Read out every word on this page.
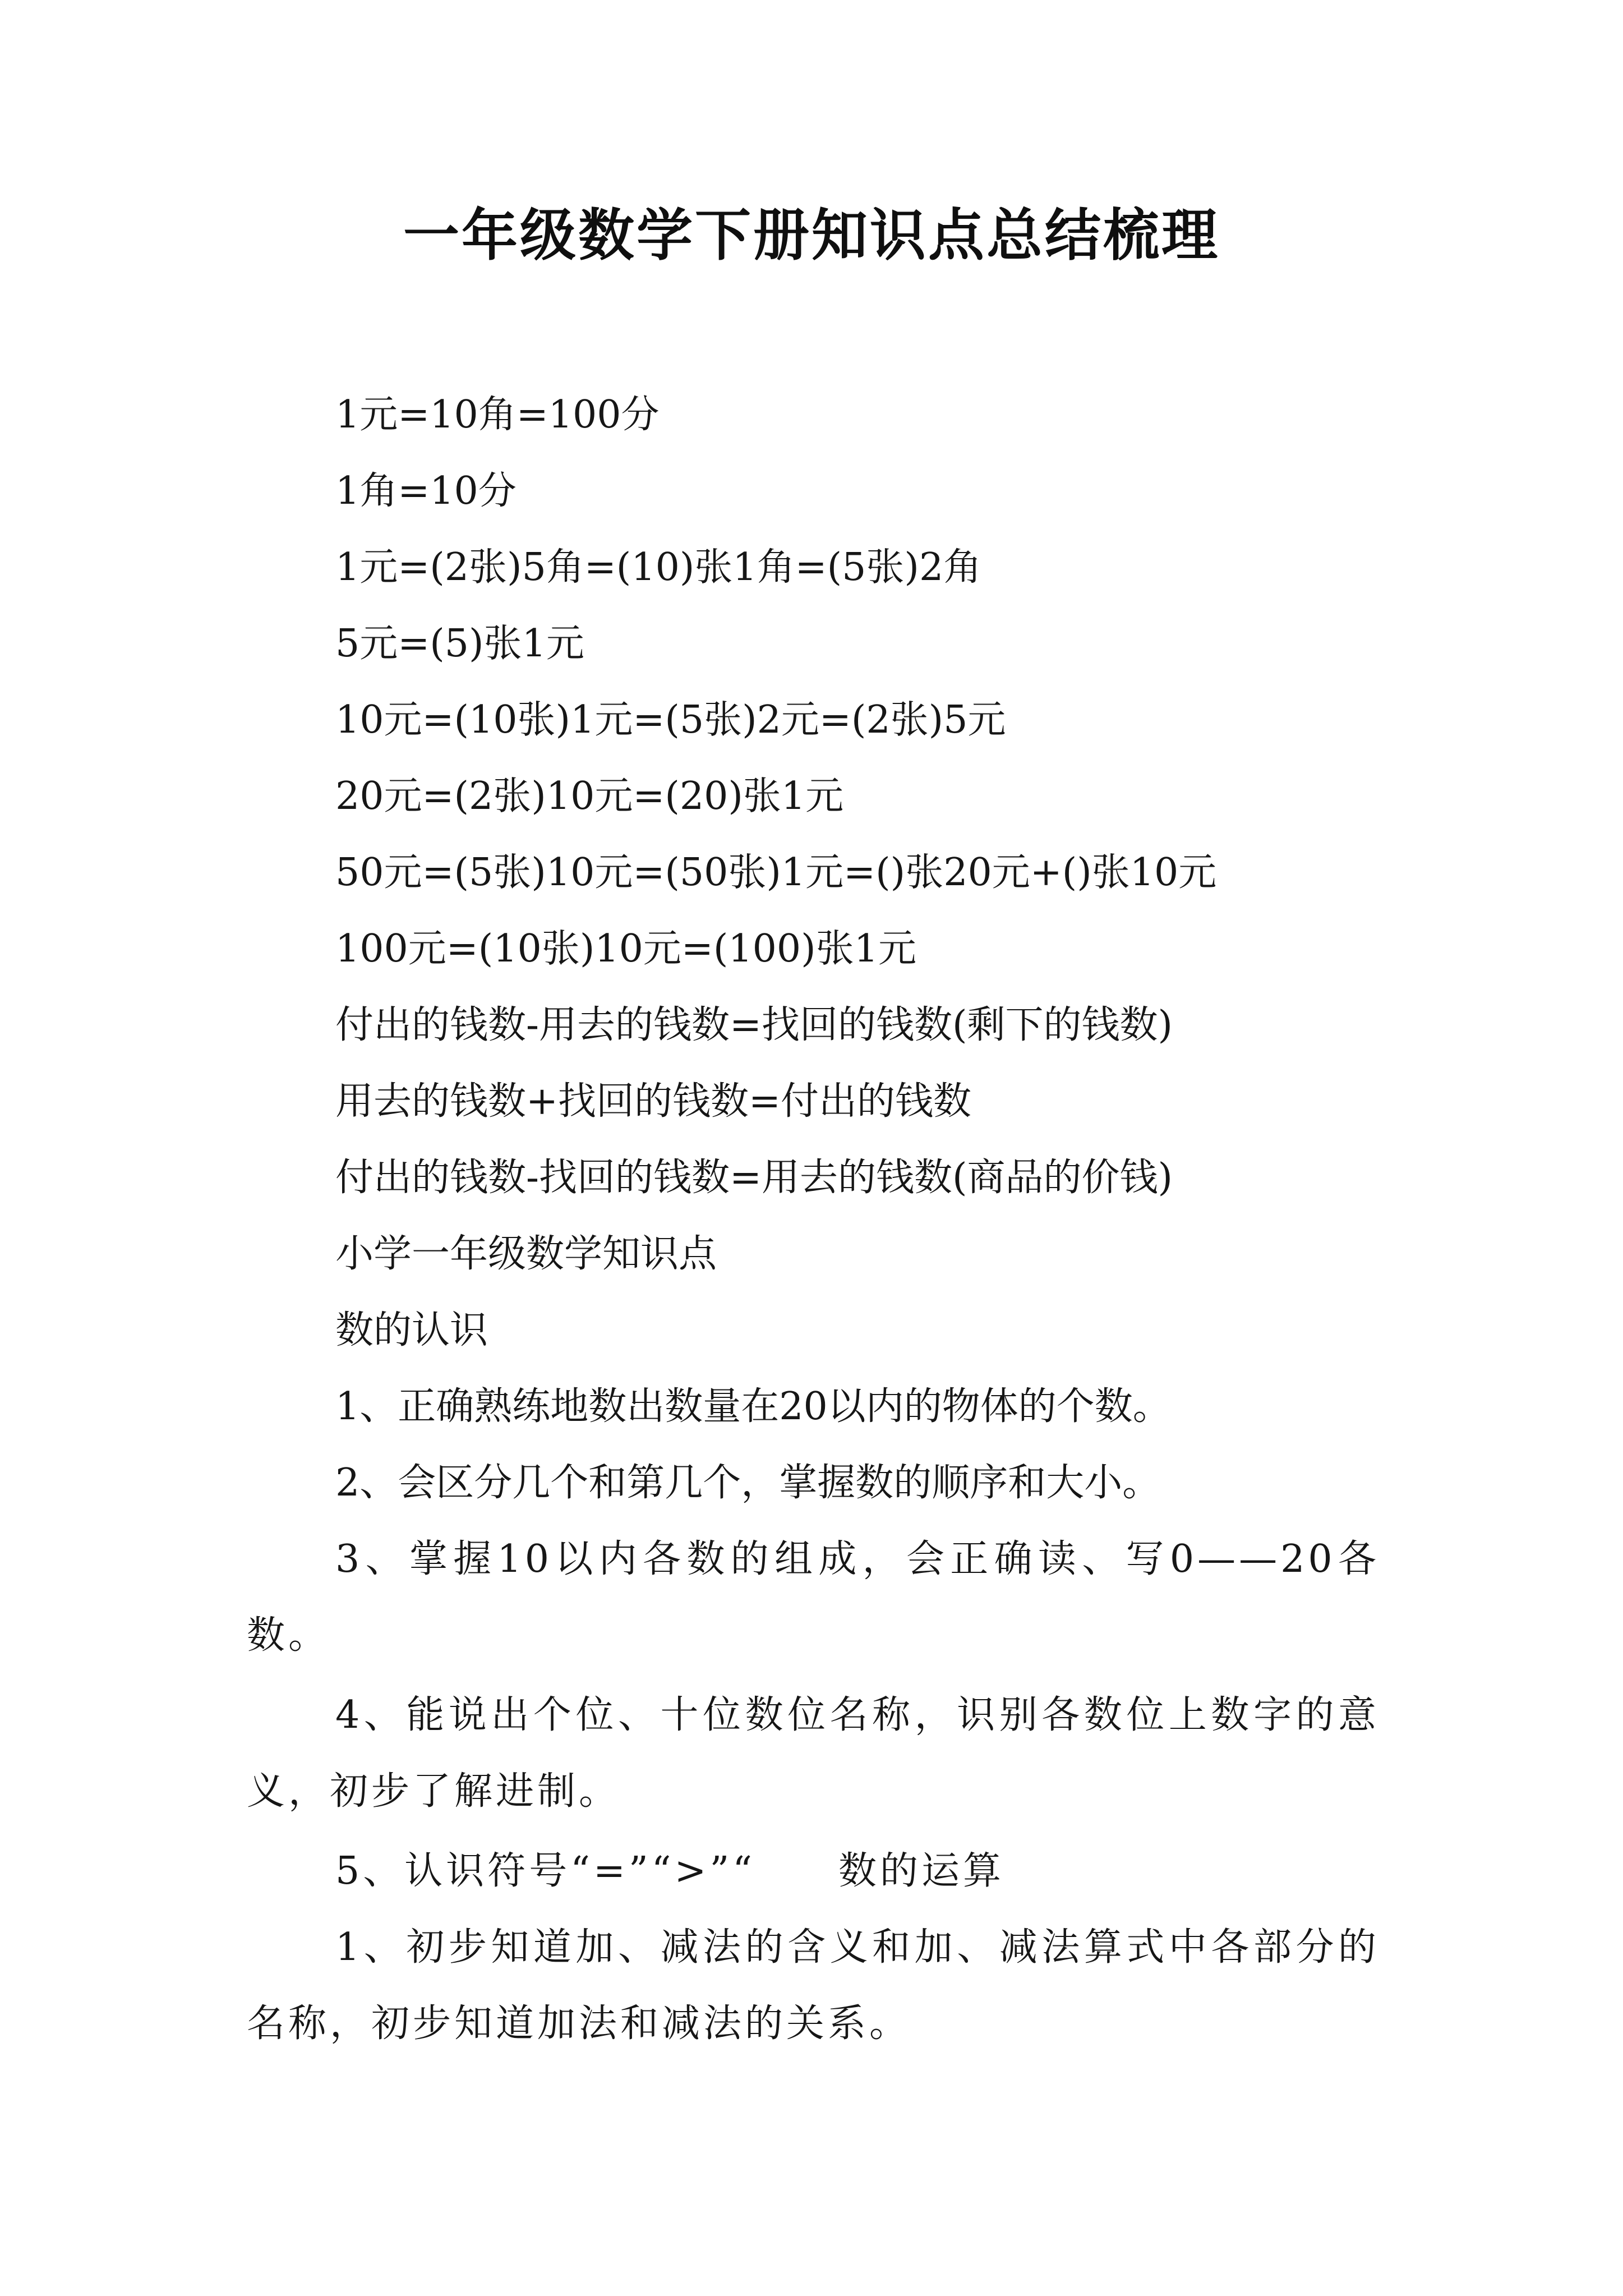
一年级数学下册知识点总结梳理
1元=10角=100分
1角=10分
1元=(2张)5角=(10)张1角=(5张)2角
5元=(5)张1元
10元=(10张)1元=(5张)2元=(2张)5元
20元=(2张)10元=(20)张1元
50元=(5张)10元=(50张)1元=()张20元+()张10元
100元=(10张)10元=(100)张1元
付出的钱数-用去的钱数=找回的钱数(剩下的钱数)
用去的钱数+找回的钱数=付出的钱数
付出的钱数-找回的钱数=用去的钱数(商品的价钱)
小学一年级数学知识点
数的认识
1、正确熟练地数出数量在20以内的物体的个数。
2、会区分几个和第几个，掌握数的顺序和大小。
3、掌握10以内各数的组成，会正确读、写0——20各数。
4、能说出个位、十位数位名称，识别各数位上数字的意义，初步了解进制。
5、认识符号“=”“>”“　　数的运算
1、初步知道加、减法的含义和加、减法算式中各部分的名称，初步知道加法和减法的关系。
